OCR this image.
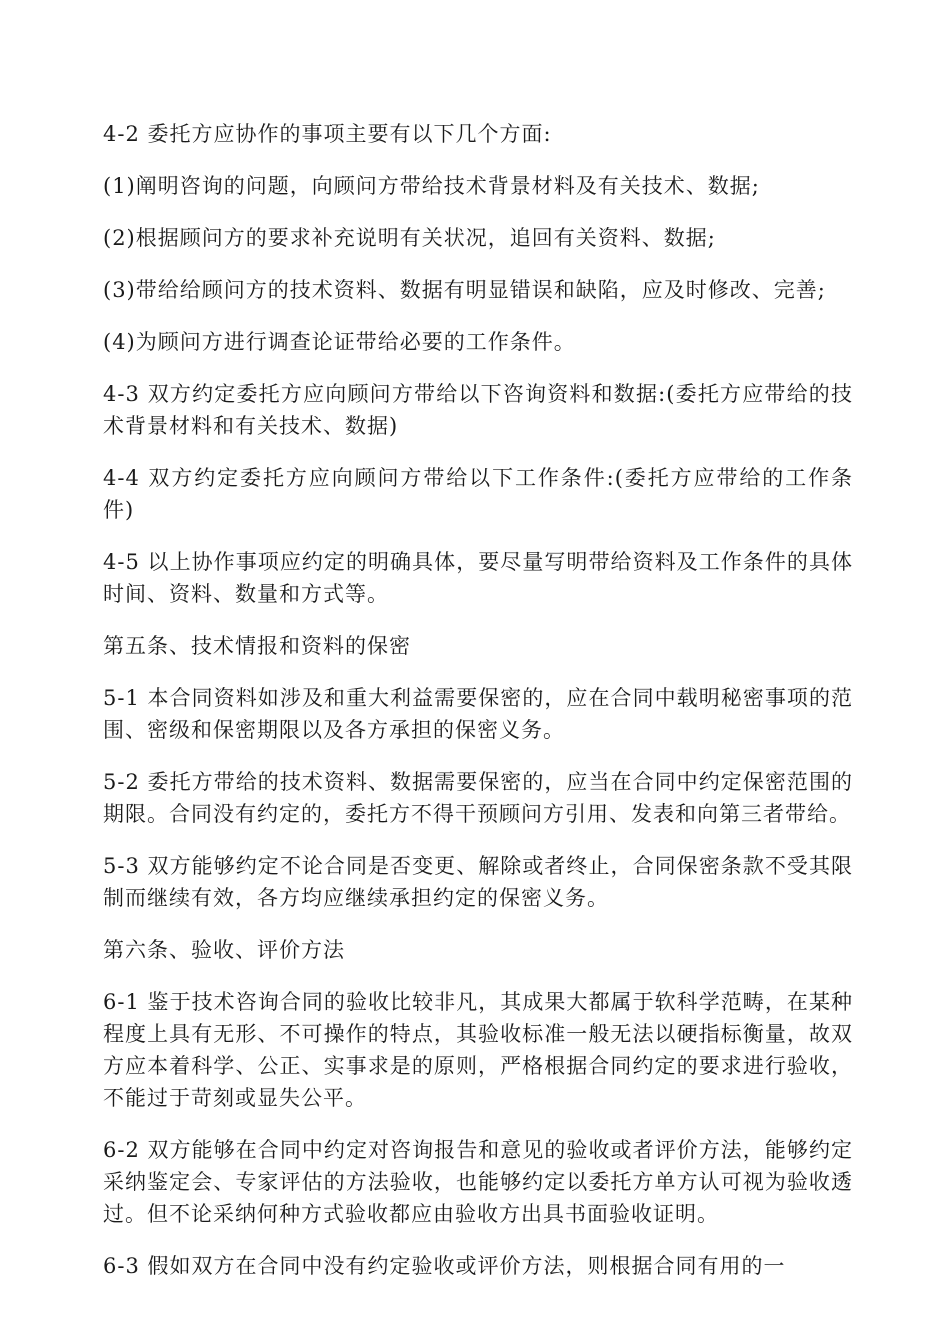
4-2 委托方应协作的事项主要有以下几个方面:

(1)阐明咨询的问题，向顾问方带给技术背景材料及有关技术、数据;

(2)根据顾问方的要求补充说明有关状况，追回有关资料、数据;

(3)带给给顾问方的技术资料、数据有明显错误和缺陷，应及时修改、完善;

(4)为顾问方进行调查论证带给必要的工作条件。

4-3 双方约定委托方应向顾问方带给以下咨询资料和数据:(委托方应带给的技术背景材料和有关技术、数据)

4-4 双方约定委托方应向顾问方带给以下工作条件:(委托方应带给的工作条件)

4-5 以上协作事项应约定的明确具体，要尽量写明带给资料及工作条件的具体时间、资料、数量和方式等。

第五条、技术情报和资料的保密

5-1 本合同资料如涉及和重大利益需要保密的，应在合同中载明秘密事项的范围、密级和保密期限以及各方承担的保密义务。

5-2 委托方带给的技术资料、数据需要保密的，应当在合同中约定保密范围的期限。合同没有约定的，委托方不得干预顾问方引用、发表和向第三者带给。

5-3 双方能够约定不论合同是否变更、解除或者终止，合同保密条款不受其限制而继续有效，各方均应继续承担约定的保密义务。

第六条、验收、评价方法

6-1 鉴于技术咨询合同的验收比较非凡，其成果大都属于软科学范畴，在某种程度上具有无形、不可操作的特点，其验收标准一般无法以硬指标衡量，故双方应本着科学、公正、实事求是的原则，严格根据合同约定的要求进行验收，不能过于苛刻或显失公平。

6-2 双方能够在合同中约定对咨询报告和意见的验收或者评价方法，能够约定采纳鉴定会、专家评估的方法验收，也能够约定以委托方单方认可视为验收透过。但不论采纳何种方式验收都应由验收方出具书面验收证明。

6-3 假如双方在合同中没有约定验收或评价方法，则根据合同有用的一
